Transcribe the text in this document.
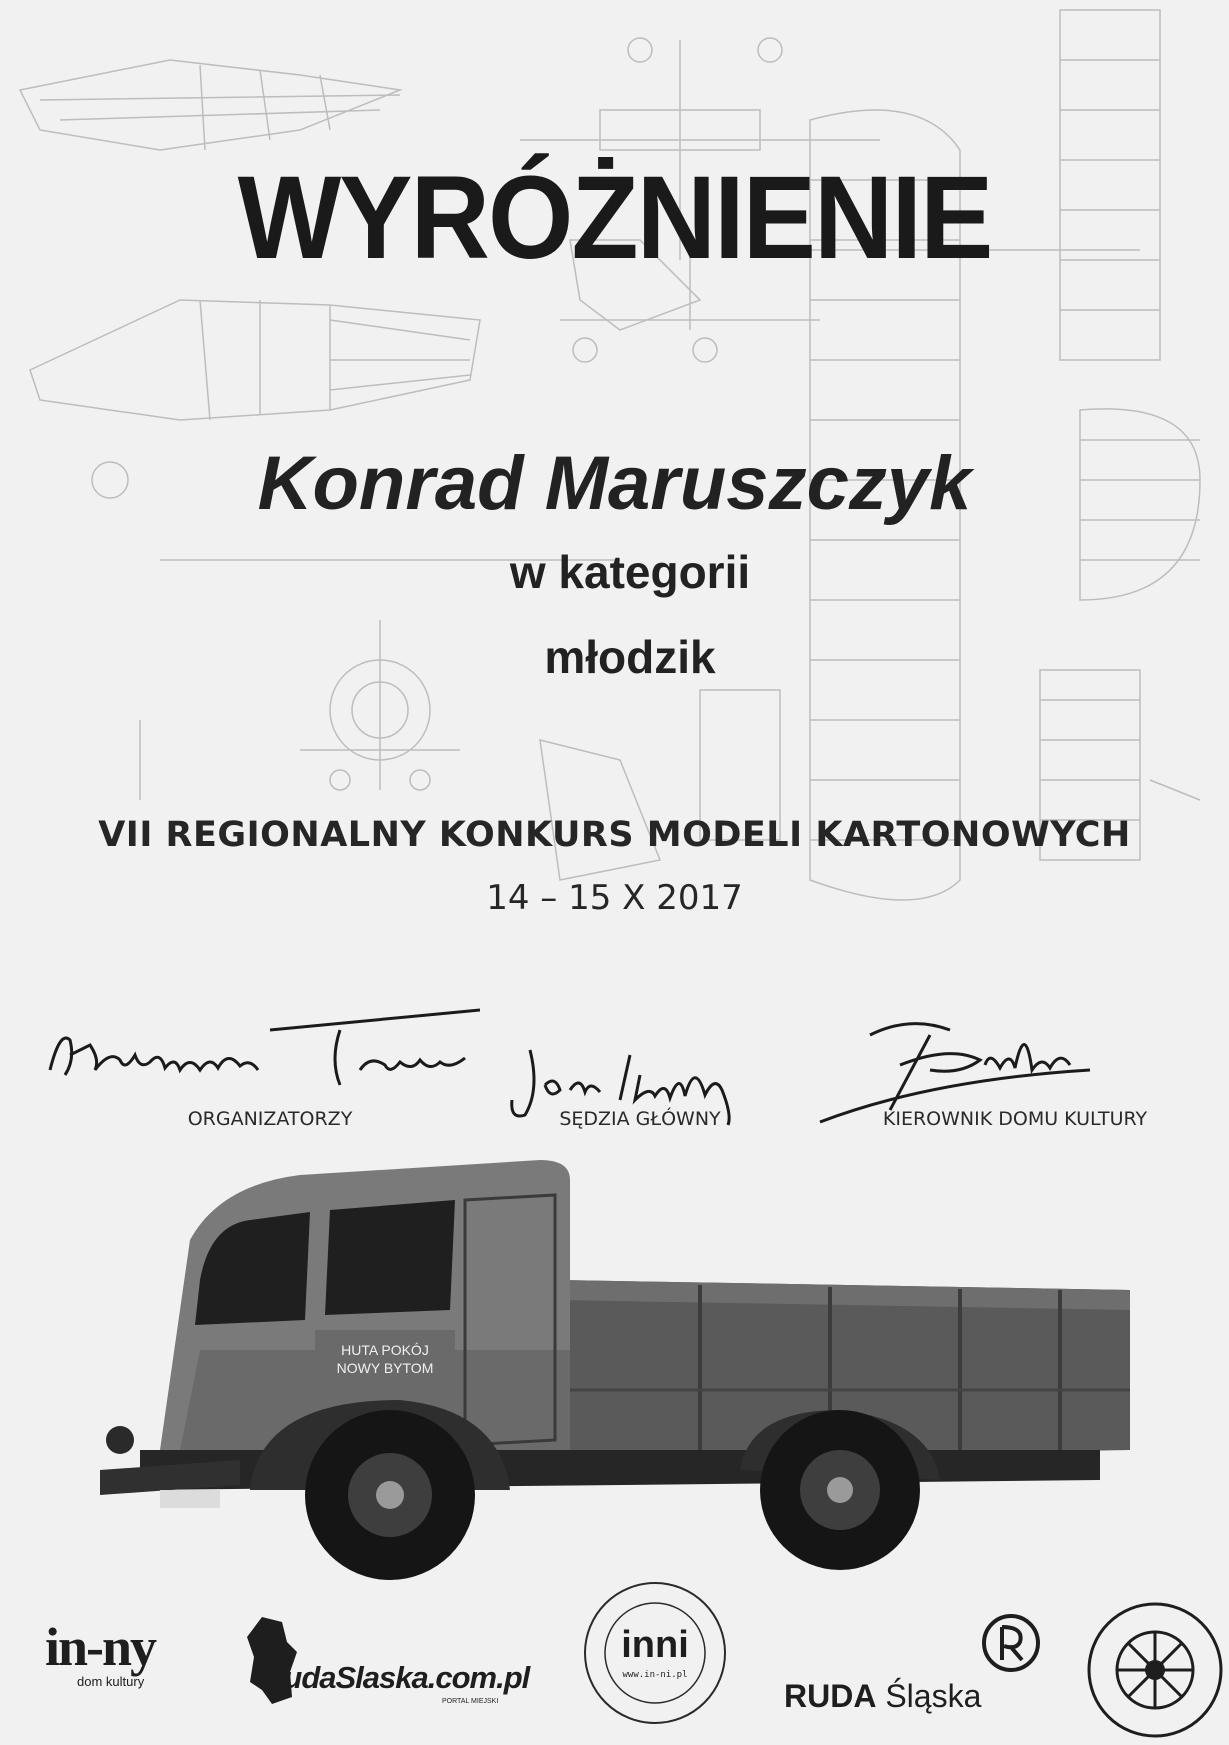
WYRÓŻNIENIE
Konrad Maruszczyk
w kategorii
młodzik
VII REGIONALNY KONKURS MODELI KARTONOWYCH
14 – 15 X 2017
ORGANIZATORZY	SĘDZIA GŁÓWNY	KIEROWNIK DOMU KULTURY
HUTA POKÓJ
NOWY BYTOM
in-ny
dom kultury	RudaSlaska.com.pl
PORTAL MIEJSKI
inni
www.in-ni.pl
RUDA Śląska
